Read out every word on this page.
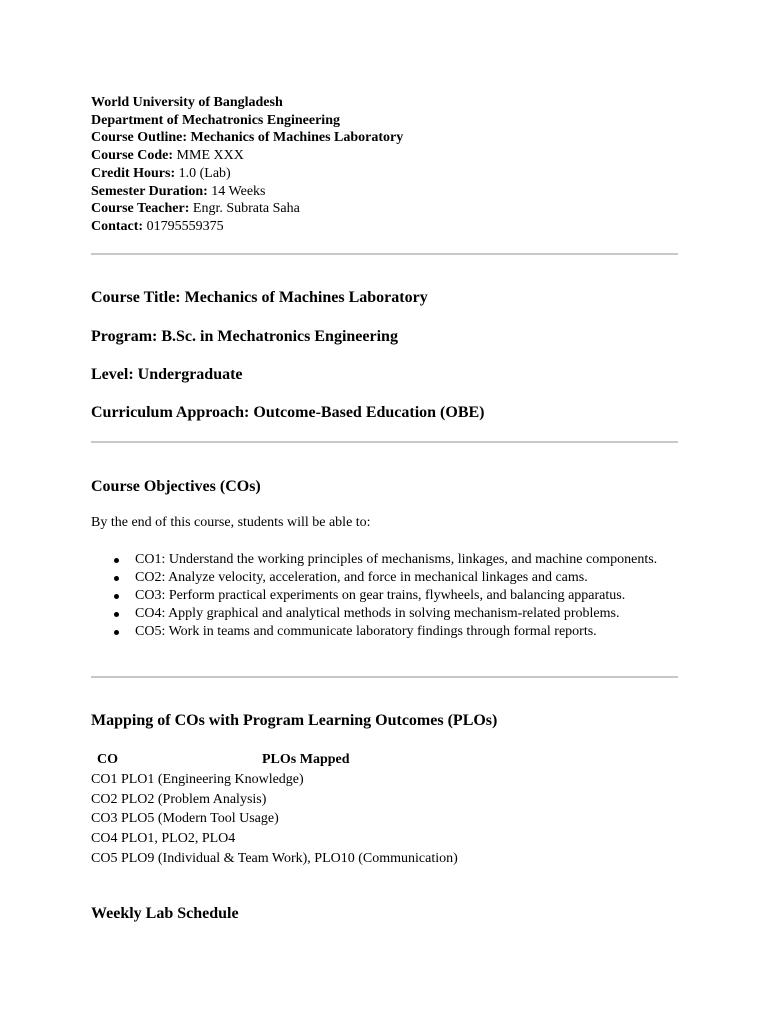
World University of Bangladesh
Department of Mechatronics Engineering
Course Outline: Mechanics of Machines Laboratory
Course Code: MME XXX
Credit Hours: 1.0 (Lab)
Semester Duration: 14 Weeks
Course Teacher: Engr. Subrata Saha
Contact: 01795559375
Course Title: Mechanics of Machines Laboratory
Program: B.Sc. in Mechatronics Engineering
Level: Undergraduate
Curriculum Approach: Outcome-Based Education (OBE)
Course Objectives (COs)
By the end of this course, students will be able to:
CO1: Understand the working principles of mechanisms, linkages, and machine components.
CO2: Analyze velocity, acceleration, and force in mechanical linkages and cams.
CO3: Perform practical experiments on gear trains, flywheels, and balancing apparatus.
CO4: Apply graphical and analytical methods in solving mechanism-related problems.
CO5: Work in teams and communicate laboratory findings through formal reports.
Mapping of COs with Program Learning Outcomes (PLOs)
CO	PLOs Mapped
CO1 PLO1 (Engineering Knowledge)
CO2 PLO2 (Problem Analysis)
CO3 PLO5 (Modern Tool Usage)
CO4 PLO1, PLO2, PLO4
CO5 PLO9 (Individual & Team Work), PLO10 (Communication)
Weekly Lab Schedule
